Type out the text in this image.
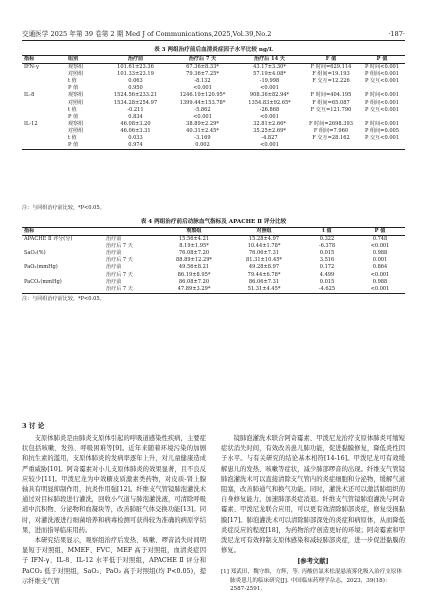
交通医学 2025 年第 39 卷第 2 期 Med J of Communications,2025,Vol.39,No.2	·187·
表 3 两组治疗前后血清炎症因子水平比较 ng/L
指标	组别	治疗前	治疗后 7 天	治疗后 14 天	F 值	P 值
IFN-γ	观察组	101.61±23.36	67.36±8.33*	43.17±3.30*	F 时间=629.114	P 时间<0.001
	对照组	101.33±23.19	79.36±7.25*	57.19±4.08*	F 组间=19.193	P 组间<0.001
	t 值	0.063	-8.132	-19.998	F 交互=12.226	P 交互<0.001
	P 值	0.950	<0.001	<0.001		
IL-8	观察组	1524.56±233.21	1246.19±120.95*	908.36±82.94*	F 时间=404.195	P 时间<0.001
	对照组	1534.28±254.97	1399.44±153.78*	1354.83±92.65*	F 组间=65.087	P 组间<0.001
	t 值	-0.211	-5.862	-26.868	F 交互=121.790	P 交互<0.001
	P 值	0.834	<0.001	<0.001		
IL-12	观察组	46.08±3.20	38.89±2.29*	32.81±2.66*	F 时间=2698.393	P 时间<0.001
	对照组	46.06±3.31	40.31±2.45*	35.25±2.69*	F 组间=7.960	P 组间=0.005
	t 值	0.033	-3.169	-4.827	F 交互=28.162	P 交互<0.001
	P 值	0.974	0.002	<0.001		
注：与同组治疗前比较，*P<0.05。
表 4 两组治疗前后动脉血气指标及 APACHE Ⅱ 评分比较
指标		观察组	对照组	t 值	P 值
APACHE Ⅱ 评分(分)	治疗前	15.56±4.21	15.28±4.97	0.322	0.748
	治疗后 7 天	8.19±1.95*	10.44±1.78*	-6.378	<0.001
SaO₂(%)	治疗前	76.08±7.20	76.06±7.31	0.015	0.988
	治疗后 7 天	88.89±12.29*	81.31±10.45*	3.516	0.001
PaO₂(mmHg)	治疗前	49.56±8.21	49.28±8.97	0.172	0.864
	治疗后 7 天	86.19±8.95*	79.44±6.78*	4.499	<0.001
PaCO₂(mmHg)	治疗前	86.08±7.20	86.06±7.31	0.015	0.988
	治疗后 7 天	47.89±3.29*	51.31±4.45*	-4.625	<0.001
注：与同组治疗前比较，*P<0.05。
3 讨 论

支原体肺炎是由肺炎支原体引起的呼吸道感染性疾病，主要症状包括咳嗽、发热、呼吸困难等[9]。近年来随着环境污染的加剧和抗生素的滥用，支原体肺炎的发病率逐年上升，对儿童健康造成严重威胁[10]。阿奇霉素对小儿支原体肺炎的效果显著，且不良反应较少[11]。甲泼尼龙为中效糖皮质激素类药物，对皮质-肾上腺轴具有明显抑制作用，抗炎作用强[12]。纤维支气管镜肺泡灌洗术通过对目标肺段进行灌洗，回收小气道与肺泡灌洗液，可清除呼吸道中沉积物、分泌物和血凝块等，改善肺脏气体交换功能[13]。同时，对灌洗液进行细菌培养和病毒检测可获得较为准确的病原学结果，进而指导临床用药。

本研究结果显示，观察组治疗后发热、咳嗽、啰音消失时间明显短于对照组，MMEF、FVC、MEF 高于对照组，血清炎症因子 IFN-γ、IL-8、IL-12 水平低于对照组，APACHE Ⅱ 评分和 PaCO₂ 低于对照组，SaO₂、PaO₂ 高于对照组(均 P<0.05)，提示纤维支气管

镜肺泡灌洗术联合阿奇霉素、甲泼尼龙治疗支原体肺炎可缩短症状消失时间，有效改善患儿肺功能，促进黏膜修复，降低炎性因子水平。与有关研究的结论基本相符[14-16]。甲泼尼龙可有效缓解患儿的发热、咳嗽等症状，减少肺部啰音的出现。纤维支气管镜肺泡灌洗术可以直接清除支气管内的炎症细胞和分泌物，缓解气道阻塞，改善肺通气和换气功能。同时，灌洗术还可以激活肺组织的自身修复能力，加速肺部炎症消退。纤维支气管镜肺泡灌洗与阿奇霉素、甲泼尼龙联合应用，可以更有效清除肺部炎症，修复受损黏膜[17]。肺泡灌洗术可以清除肺部深处的炎症和病原体，从而降低炎症反应的程度[18]，为药物治疗创造更好的环境；阿奇霉素和甲泼尼龙可有效抑制支原体感染和减轻肺部炎症，进一步促进黏膜的修复。

[参考文献]
[1] 郑武田，魏守维，方辉，等. 丙酸倍氯米松混悬液雾化吸入治疗支原体肺炎患儿的临床研究[J]. 中国临床药理学杂志，2023，39(18)：2587-2591.
